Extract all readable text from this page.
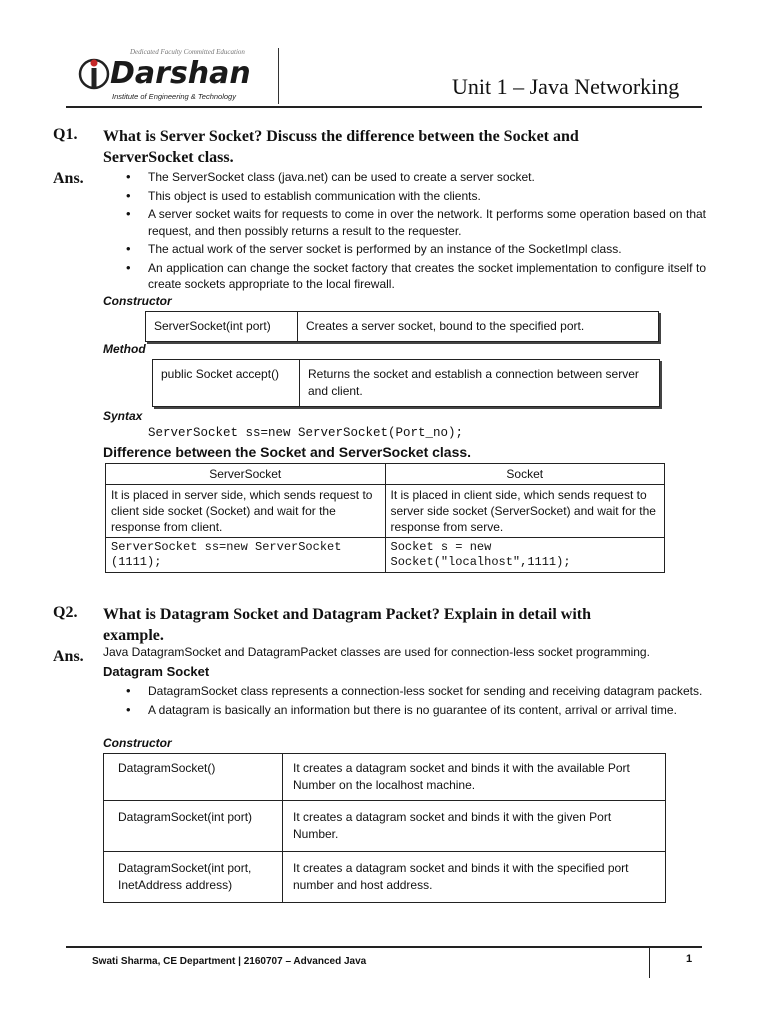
Dedicated Faculty Committed Education
Darshan
Institute of Engineering & Technology	Unit 1 – Java Networking
Q1. What is Server Socket? Discuss the difference between the Socket and
ServerSocket class.
Ans.	• The ServerSocket class (java.net) can be used to create a server socket.
• This object is used to establish communication with the clients.
• A server socket waits for requests to come in over the network. It performs some operation based on that request, and then possibly returns a result to the requester.
• The actual work of the server socket is performed by an instance of the SocketImpl class.
• An application can change the socket factory that creates the socket implementation to configure itself to create sockets appropriate to the local firewall.
Constructor
ServerSocket(int port)	Creates a server socket, bound to the specified port.
Method
public Socket accept()	Returns the socket and establish a connection between server and client.
Syntax
ServerSocket ss=new ServerSocket(Port_no);
Difference between the Socket and ServerSocket class.
ServerSocket	Socket
It is placed in server side, which sends request to client side socket (Socket) and wait for the response from client.	It is placed in client side, which sends request to server side socket (ServerSocket) and wait for the response from serve.
ServerSocket ss=new ServerSocket (1111);	Socket s = new Socket("localhost",1111);
Q2. What is Datagram Socket and Datagram Packet? Explain in detail with
example.
Ans. Java DatagramSocket and DatagramPacket classes are used for connection-less socket programming.
Datagram Socket
• DatagramSocket class represents a connection-less socket for sending and receiving datagram packets.
• A datagram is basically an information but there is no guarantee of its content, arrival or arrival time.
Constructor
DatagramSocket()	It creates a datagram socket and binds it with the available Port Number on the localhost machine.
DatagramSocket(int port)	It creates a datagram socket and binds it with the given Port Number.
DatagramSocket(int port, InetAddress address)	It creates a datagram socket and binds it with the specified port number and host address.
Swati Sharma, CE Department | 2160707 – Advanced Java	1
